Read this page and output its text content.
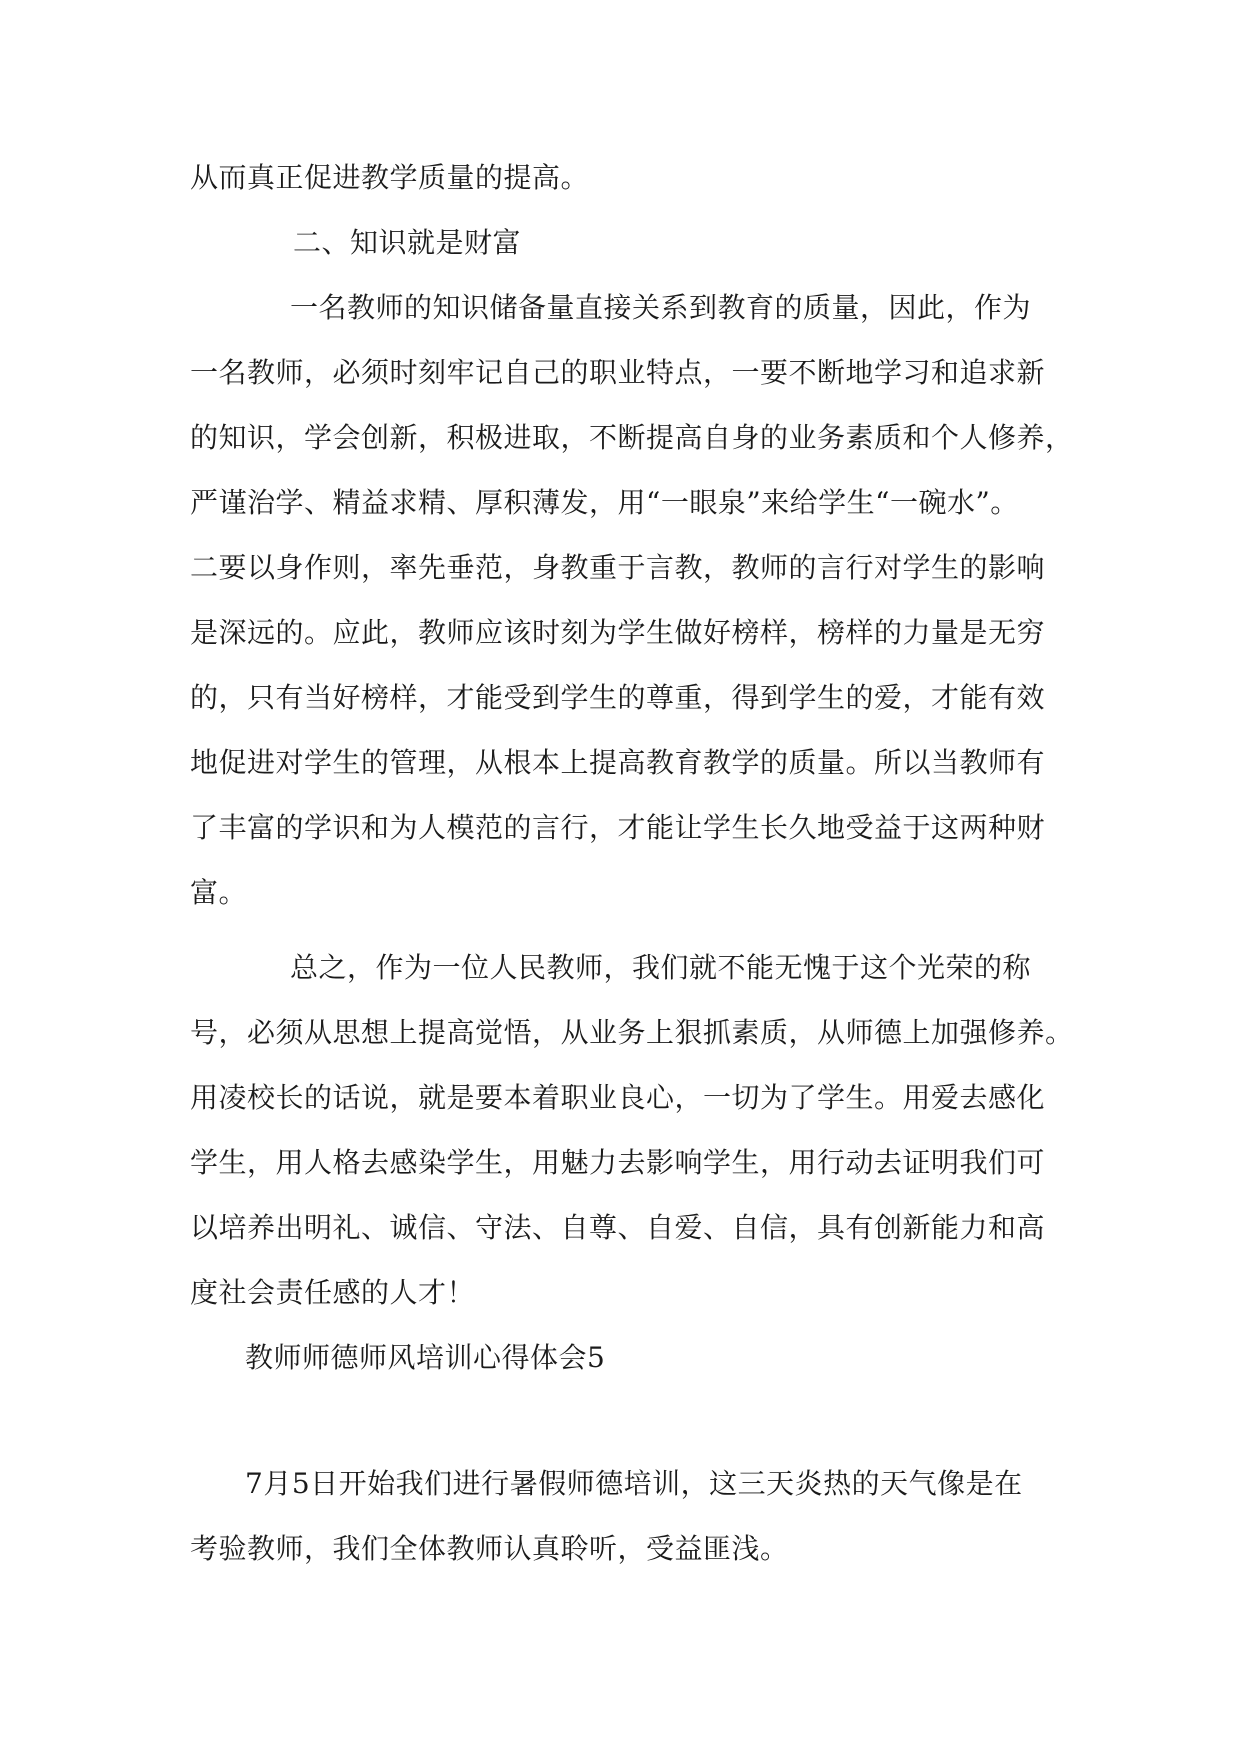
从而真正促进教学质量的提高。
二、知识就是财富
一名教师的知识储备量直接关系到教育的质量，因此，作为
一名教师，必须时刻牢记自己的职业特点，一要不断地学习和追求新
的知识，学会创新，积极进取，不断提高自身的业务素质和个人修养，
严谨治学、精益求精、厚积薄发，用“一眼泉”来给学生“一碗水”。
二要以身作则，率先垂范，身教重于言教，教师的言行对学生的影响
是深远的。应此，教师应该时刻为学生做好榜样，榜样的力量是无穷
的，只有当好榜样，才能受到学生的尊重，得到学生的爱，才能有效
地促进对学生的管理，从根本上提高教育教学的质量。所以当教师有
了丰富的学识和为人模范的言行，才能让学生长久地受益于这两种财
富。
总之，作为一位人民教师，我们就不能无愧于这个光荣的称
号，必须从思想上提高觉悟，从业务上狠抓素质，从师德上加强修养。
用凌校长的话说，就是要本着职业良心，一切为了学生。用爱去感化
学生，用人格去感染学生，用魅力去影响学生，用行动去证明我们可
以培养出明礼、诚信、守法、自尊、自爱、自信，具有创新能力和高
度社会责任感的人才！
教师师德师风培训心得体会5
7月5日开始我们进行暑假师德培训，这三天炎热的天气像是在
考验教师，我们全体教师认真聆听，受益匪浅。
